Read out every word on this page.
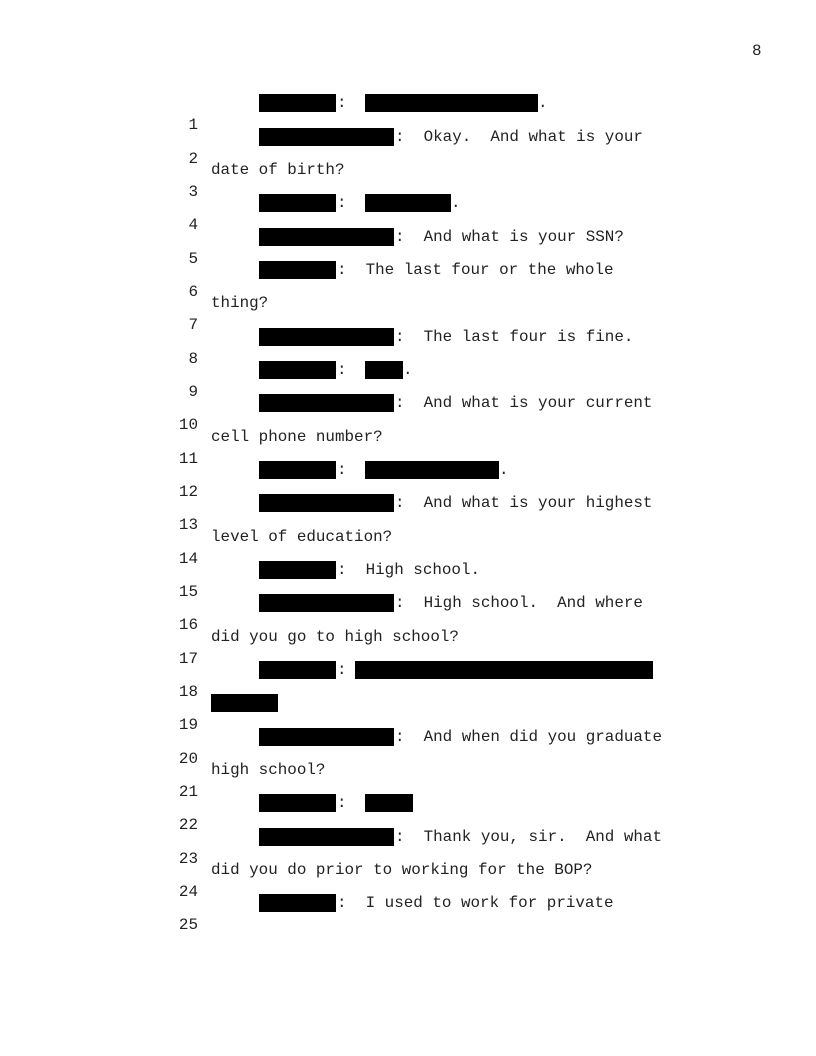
8

1

:

	.

2

:  Okay.  And what is your

3

date of birth?

4

:

	.

5

:  And what is your SSN?

6

:  The last four or the whole

7

thing?

8

:  The last four is fine.

9

:

	.

10

:  And what is your current

11

cell phone number?

12

:

	.

13

:  And what is your highest

14

level of education?

15

:  High school.

16

:  High school.  And where

17

did you go to high school?

18

:

19

20

:  And when did you graduate

21

high school?

22

:

23

:  Thank you, sir.  And what

24

did you do prior to working for the BOP?

25

:  I used to work for private
